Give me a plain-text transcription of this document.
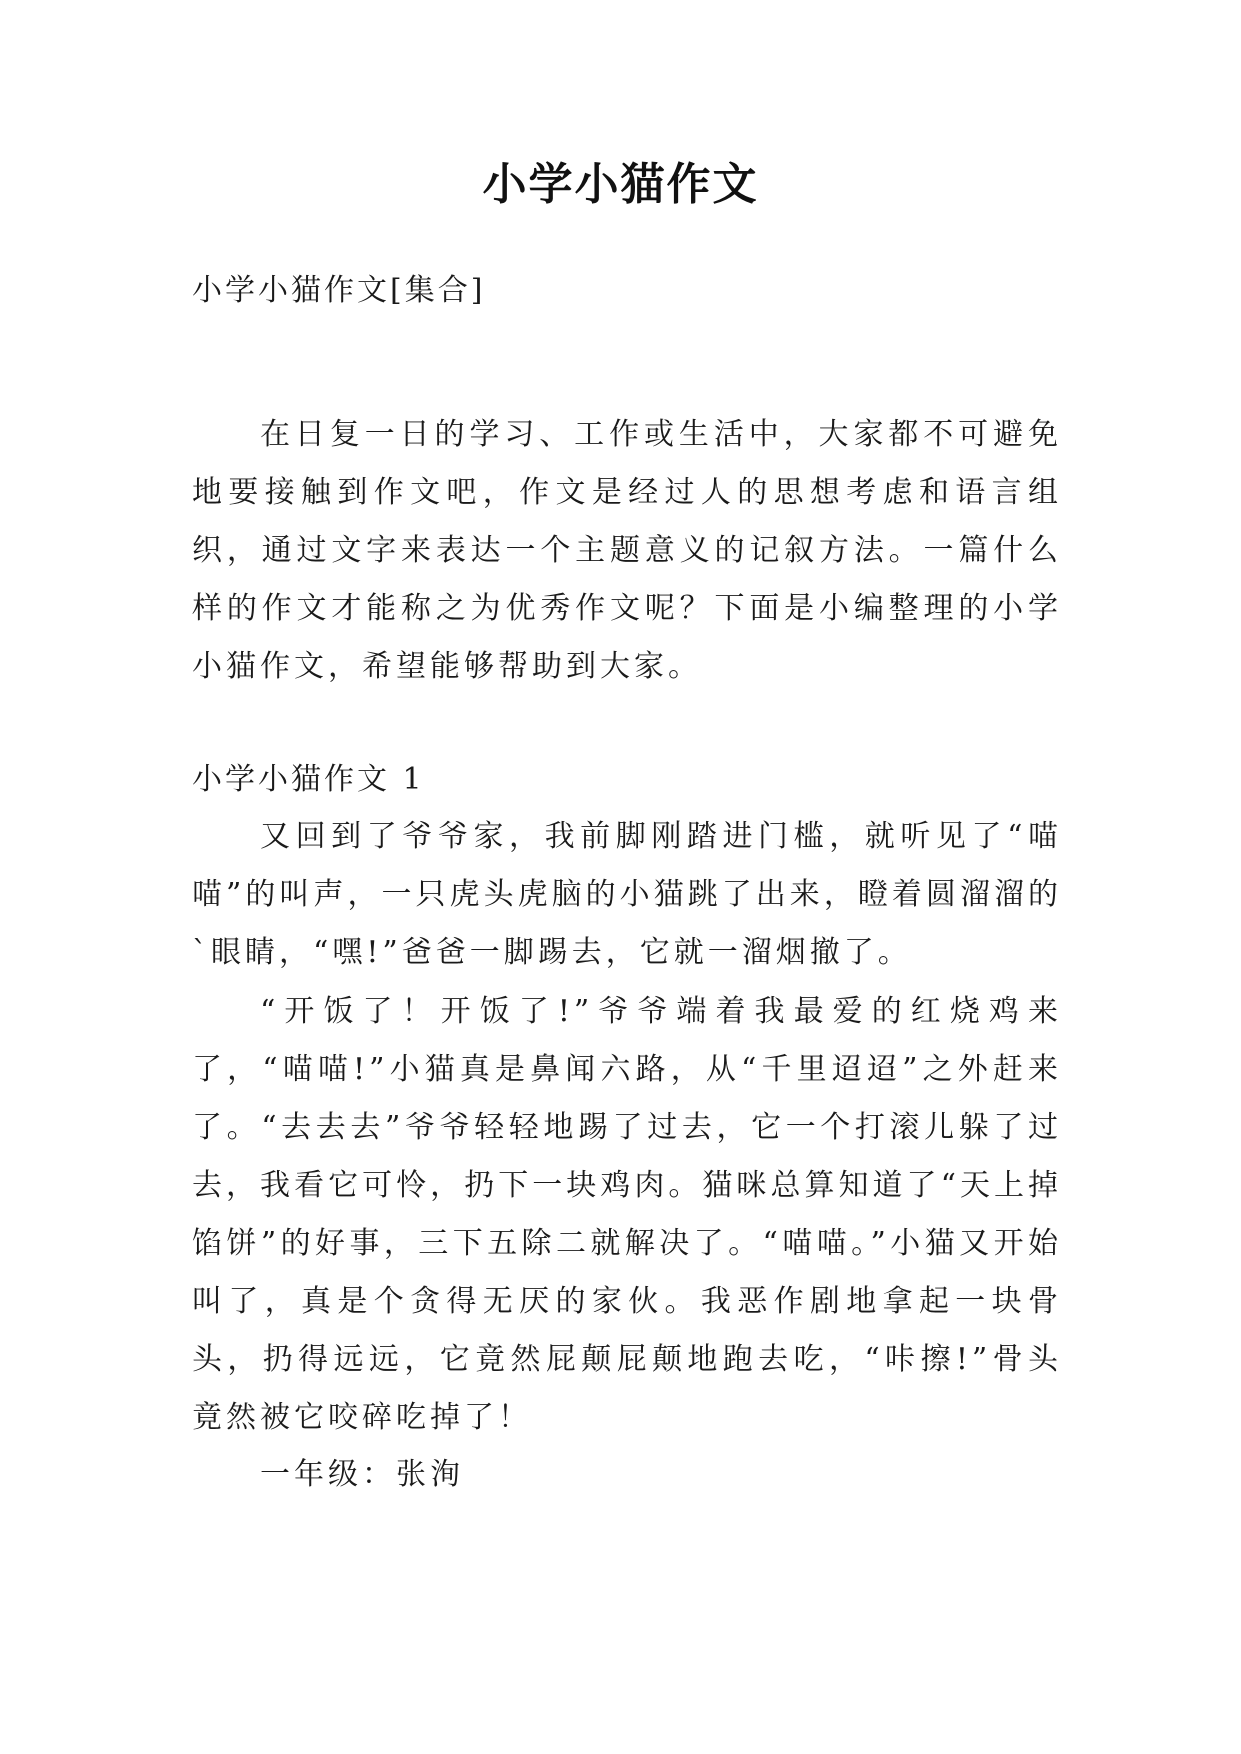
小学小猫作文
小学小猫作文[集合]

在日复一日的学习、工作或生活中，大家都不可避免地要接触到作文吧，作文是经过人的思想考虑和语言组织，通过文字来表达一个主题意义的记叙方法。一篇什么样的作文才能称之为优秀作文呢？下面是小编整理的小学小猫作文，希望能够帮助到大家。

小学小猫作文 1

又回到了爷爷家，我前脚刚踏进门槛，就听见了“喵喵”的叫声，一只虎头虎脑的小猫跳了出来，瞪着圆溜溜的`眼睛，“嘿!”爸爸一脚踢去，它就一溜烟撤了。

“开饭了！开饭了!”爷爷端着我最爱的红烧鸡来了，“喵喵!”小猫真是鼻闻六路，从“千里迢迢”之外赶来了。“去去去”爷爷轻轻地踢了过去，它一个打滚儿躲了过去，我看它可怜，扔下一块鸡肉。猫咪总算知道了“天上掉馅饼”的好事，三下五除二就解决了。“喵喵。”小猫又开始叫了，真是个贪得无厌的家伙。我恶作剧地拿起一块骨头，扔得远远，它竟然屁颠屁颠地跑去吃，“咔擦!”骨头竟然被它咬碎吃掉了！

一年级：张洵
